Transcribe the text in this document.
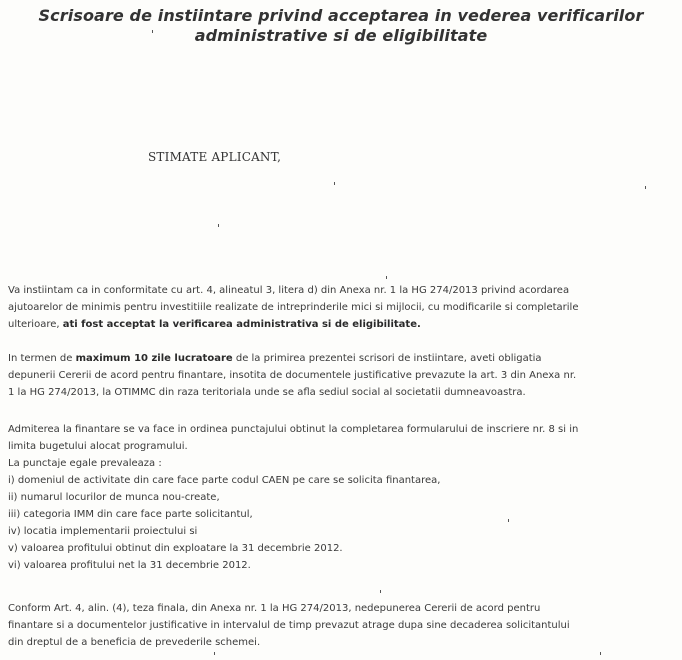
Scrisoare de instiintare privind acceptarea in vederea verificarilor
administrative si de eligibilitate
STIMATE APLICANT,
Va instiintam ca in conformitate cu art. 4, alineatul 3, litera d) din Anexa nr. 1 la HG 274/2013 privind acordarea
ajutoarelor de minimis pentru investitiile realizate de intreprinderile mici si mijlocii, cu modificarile si completarile
ulterioare, ati fost acceptat la verificarea administrativa si de eligibilitate.
In termen de maximum 10 zile lucratoare de la primirea prezentei scrisori de instiintare, aveti obligatia
depunerii Cererii de acord pentru finantare, insotita de documentele justificative prevazute la art. 3 din Anexa nr.
1 la HG 274/2013, la OTIMMC din raza teritoriala unde se afla sediul social al societatii dumneavoastra.
Admiterea la finantare se va face in ordinea punctajului obtinut la completarea formularului de inscriere nr. 8 si in
limita bugetului alocat programului.
La punctaje egale prevaleaza :
i) domeniul de activitate din care face parte codul CAEN pe care se solicita finantarea,
ii) numarul locurilor de munca nou-create,
iii) categoria IMM din care face parte solicitantul,
iv) locatia implementarii proiectului si
v) valoarea profitului obtinut din exploatare la 31 decembrie 2012.
vi) valoarea profitului net la 31 decembrie 2012.
Conform Art. 4, alin. (4), teza finala, din Anexa nr. 1 la HG 274/2013, nedepunerea Cererii de acord pentru
finantare si a documentelor justificative in intervalul de timp prevazut atrage dupa sine decaderea solicitantului
din dreptul de a beneficia de prevederile schemei.
